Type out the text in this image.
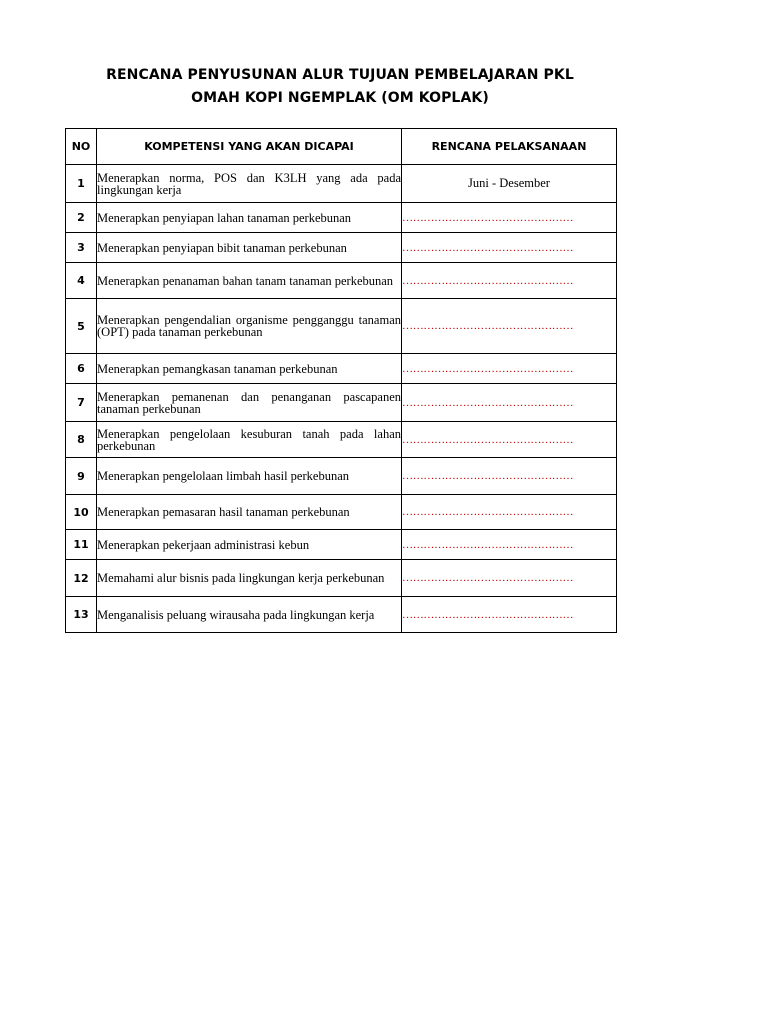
RENCANA PENYUSUNAN ALUR TUJUAN PEMBELAJARAN PKL
OMAH KOPI NGEMPLAK (OM KOPLAK)
NO	KOMPETENSI YANG AKAN DICAPAI	RENCANA PELAKSANAAN
1	Menerapkan norma, POS dan K3LH yang ada pada lingkungan kerja	Juni - Desember
2	Menerapkan penyiapan lahan tanaman perkebunan	…………………………………………
3	Menerapkan penyiapan bibit tanaman perkebunan	…………………………………………
4	Menerapkan penanaman bahan tanam tanaman perkebunan	…………………………………………
5	Menerapkan pengendalian organisme pengganggu tanaman (OPT) pada tanaman perkebunan	…………………………………………
6	Menerapkan pemangkasan tanaman perkebunan	…………………………………………
7	Menerapkan pemanenan dan penanganan pascapanen tanaman perkebunan	…………………………………………
8	Menerapkan pengelolaan kesuburan tanah pada lahan perkebunan	…………………………………………
9	Menerapkan pengelolaan limbah hasil perkebunan	…………………………………………
10	Menerapkan pemasaran hasil tanaman perkebunan	…………………………………………
11	Menerapkan pekerjaan administrasi kebun	…………………………………………
12	Memahami alur bisnis pada lingkungan kerja perkebunan	…………………………………………
13	Menganalisis peluang wirausaha pada lingkungan kerja	…………………………………………
